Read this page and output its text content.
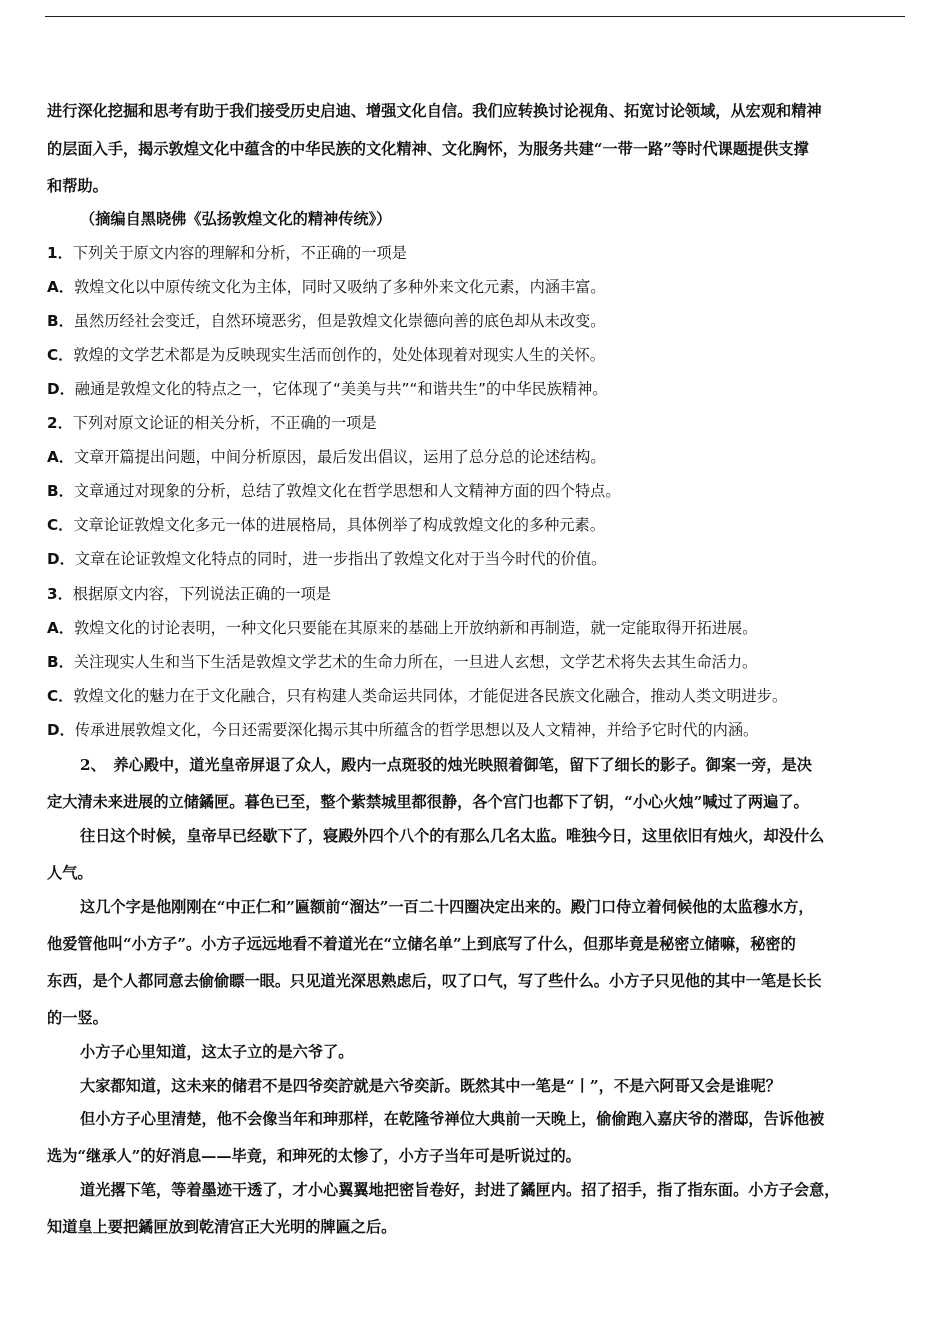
进行深化挖掘和思考有助于我们接受历史启迪、增强文化自信。我们应转换讨论视角、拓宽讨论领域，从宏观和精神
的层面入手，揭示敦煌文化中蕴含的中华民族的文化精神、文化胸怀，为服务共建“一带一路”等时代课题提供支撑
和帮助。
（摘编自黑晓佛《弘扬敦煌文化的精神传统》）
1．下列关于原文内容的理解和分析，不正确的一项是
A．敦煌文化以中原传统文化为主体，同时又吸纳了多种外来文化元素，内涵丰富。
B．虽然历经社会变迁，自然环境恶劣，但是敦煌文化崇德向善的底色却从未改变。
C．敦煌的文学艺术都是为反映现实生活而创作的，处处体现着对现实人生的关怀。
D．融通是敦煌文化的特点之一，它体现了“美美与共”“和谐共生”的中华民族精神。
2．下列对原文论证的相关分析，不正确的一项是
A．文章开篇提出问题，中间分析原因，最后发出倡议，运用了总分总的论述结构。
B．文章通过对现象的分析，总结了敦煌文化在哲学思想和人文精神方面的四个特点。
C．文章论证敦煌文化多元一体的进展格局，具体例举了构成敦煌文化的多种元素。
D．文章在论证敦煌文化特点的同时，进一步指出了敦煌文化对于当今时代的价值。
3．根据原文内容，下列说法正确的一项是
A．敦煌文化的讨论表明，一种文化只要能在其原来的基础上开放纳新和再制造，就一定能取得开拓进展。
B．关注现实人生和当下生活是敦煌文学艺术的生命力所在，一旦进人玄想，文学艺术将失去其生命活力。
C．敦煌文化的魅力在于文化融合，只有构建人类命运共同体，才能促进各民族文化融合，推动人类文明进步。
D．传承进展敦煌文化，今日还需要深化揭示其中所蕴含的哲学思想以及人文精神，并给予它时代的内涵。
2、　养心殿中，道光皇帝屏退了众人，殿内一点斑驳的烛光映照着御笔，留下了细长的影子。御案一旁，是决
定大清未来进展的立储鐍匣。暮色已至，整个紫禁城里都很静，各个宫门也都下了钥，“小心火烛”喊过了两遍了。
往日这个时候，皇帝早已经歇下了，寝殿外四个八个的有那么几名太监。唯独今日，这里依旧有烛火，却没什么
人气。
这几个字是他刚刚在“中正仁和”匾额前“溜达”一百二十四圈决定出来的。殿门口侍立着伺候他的太监穆水方，
他爱管他叫“小方子”。小方子远远地看不着道光在“立储名单”上到底写了什么，但那毕竟是秘密立储嘛，秘密的
东西，是个人都同意去偷偷瞟一眼。只见道光深思熟虑后，叹了口气，写了些什么。小方子只见他的其中一笔是长长
的一竖。
小方子心里知道，这太子立的是六爷了。
大家都知道，这未来的储君不是四爷奕詝就是六爷奕訢。既然其中一笔是“丨”，不是六阿哥又会是谁呢？
但小方子心里清楚，他不会像当年和珅那样，在乾隆爷禅位大典前一天晚上，偷偷跑入嘉庆爷的潜邸，告诉他被
选为“继承人”的好消息——毕竟，和珅死的太惨了，小方子当年可是听说过的。
道光撂下笔，等着墨迹干透了，才小心翼翼地把密旨卷好，封进了鐍匣内。招了招手，指了指东面。小方子会意，
知道皇上要把鐍匣放到乾清宫正大光明的牌匾之后。
